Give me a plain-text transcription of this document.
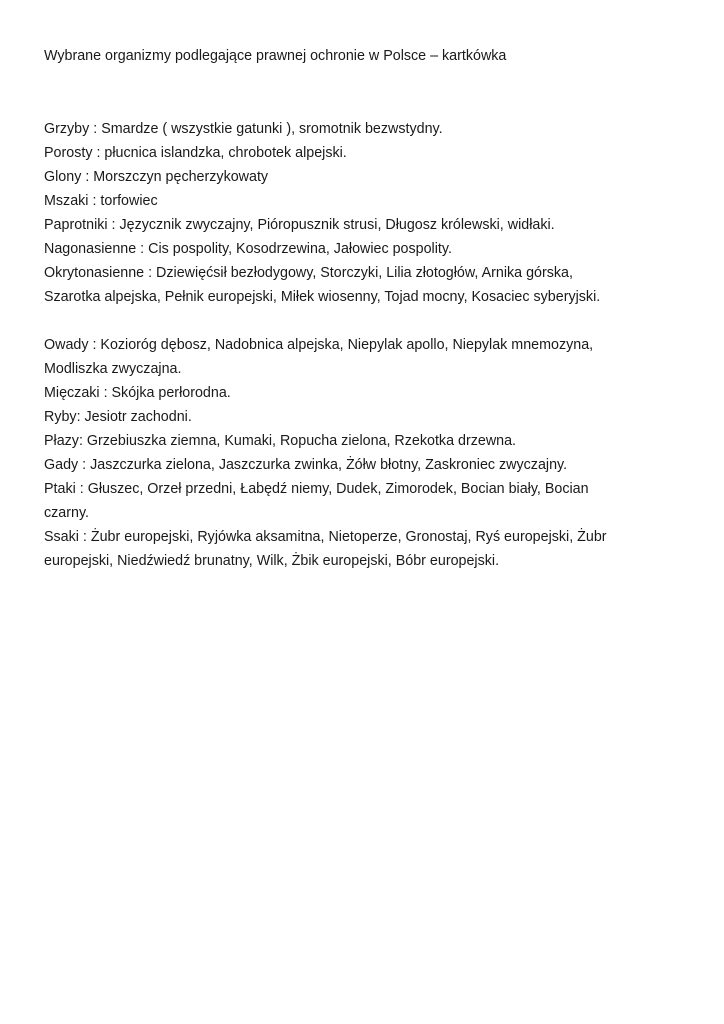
Wybrane organizmy podlegające prawnej ochronie w Polsce – kartkówka

Grzyby : Smardze ( wszystkie gatunki ), sromotnik bezwstydny.

Porosty : płucnica islandzka, chrobotek alpejski.

Glony : Morszczyn pęcherzykowaty

Mszaki : torfowiec

Paprotniki : Języcznik zwyczajny, Pióropusznik strusi, Długosz królewski, widłaki.

Nagonasienne : Cis pospolity, Kosodrzewina, Jałowiec pospolity.

Okrytonasienne : Dziewięćsił bezłodygowy, Storczyki, Lilia złotogłów, Arnika górska,

Szarotka alpejska, Pełnik europejski, Miłek wiosenny, Tojad mocny, Kosaciec syberyjski.

Owady : Kozioróg dębosz, Nadobnica alpejska, Niepylak apollo, Niepylak mnemozyna,

Modliszka zwyczajna.

Mięczaki : Skójka perłorodna.

Ryby: Jesiotr zachodni.

Płazy: Grzebiuszka ziemna, Kumaki, Ropucha zielona, Rzekotka drzewna.

Gady : Jaszczurka zielona, Jaszczurka zwinka, Żółw błotny, Zaskroniec zwyczajny.

Ptaki : Głuszec, Orzeł przedni, Łabędź niemy, Dudek, Zimorodek, Bocian biały, Bocian

czarny.

Ssaki : Żubr europejski, Ryjówka aksamitna, Nietoperze, Gronostaj, Ryś europejski, Żubr

europejski, Niedźwiedź brunatny, Wilk, Żbik europejski, Bóbr europejski.
